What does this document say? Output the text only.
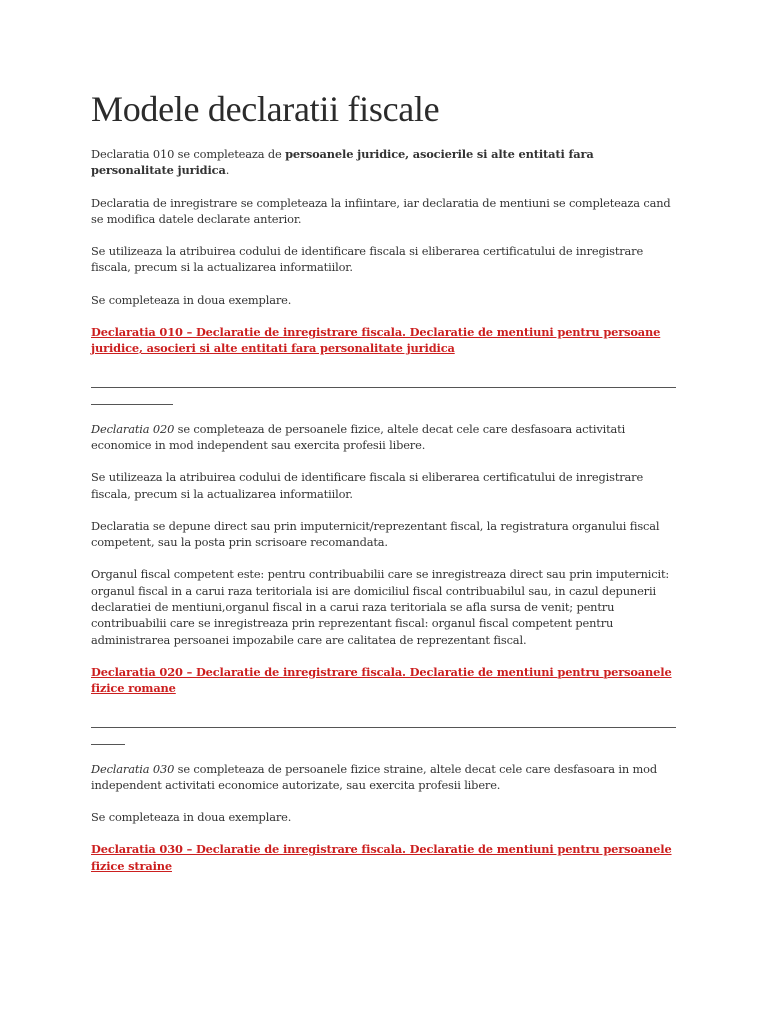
Modele declaratii fiscale

Declaratia 010 se completeaza de persoanele juridice, asocierile si alte entitati fara personalitate juridica.

Declaratia de inregistrare se completeaza la infiintare, iar declaratia de mentiuni se completeaza cand se modifica datele declarate anterior.

Se utilizeaza la atribuirea codului de identificare fiscala si eliberarea certificatului de inregistrare fiscala, precum si la actualizarea informatiilor.

Se completeaza in doua exemplare.

Declaratia 010 – Declaratie de inregistrare fiscala. Declaratie de mentiuni pentru persoane juridice, asocieri si alte entitati fara personalitate juridica

Declaratia 020 se completeaza de persoanele fizice, altele decat cele care desfasoara activitati economice in mod independent sau exercita profesii libere.

Se utilizeaza la atribuirea codului de identificare fiscala si eliberarea certificatului de inregistrare fiscala, precum si la actualizarea informatiilor.

Declaratia se depune direct sau prin imputernicit/reprezentant fiscal, la registratura organului fiscal competent, sau la posta prin scrisoare recomandata.

Organul fiscal competent este: pentru contribuabilii care se inregistreaza direct sau prin imputernicit: organul fiscal in a carui raza teritoriala isi are domiciliul fiscal contribuabilul sau, in cazul depunerii declaratiei de mentiuni,organul fiscal in a carui raza teritoriala se afla sursa de venit; pentru contribuabilii care se inregistreaza prin reprezentant fiscal: organul fiscal competent pentru administrarea persoanei impozabile care are calitatea de reprezentant fiscal.

Declaratia 020 – Declaratie de inregistrare fiscala. Declaratie de mentiuni pentru persoanele fizice romane

Declaratia 030 se completeaza de persoanele fizice straine, altele decat cele care desfasoara in mod independent activitati economice autorizate, sau exercita profesii libere.

Se completeaza in doua exemplare.

Declaratia 030 – Declaratie de inregistrare fiscala. Declaratie de mentiuni pentru persoanele fizice straine
